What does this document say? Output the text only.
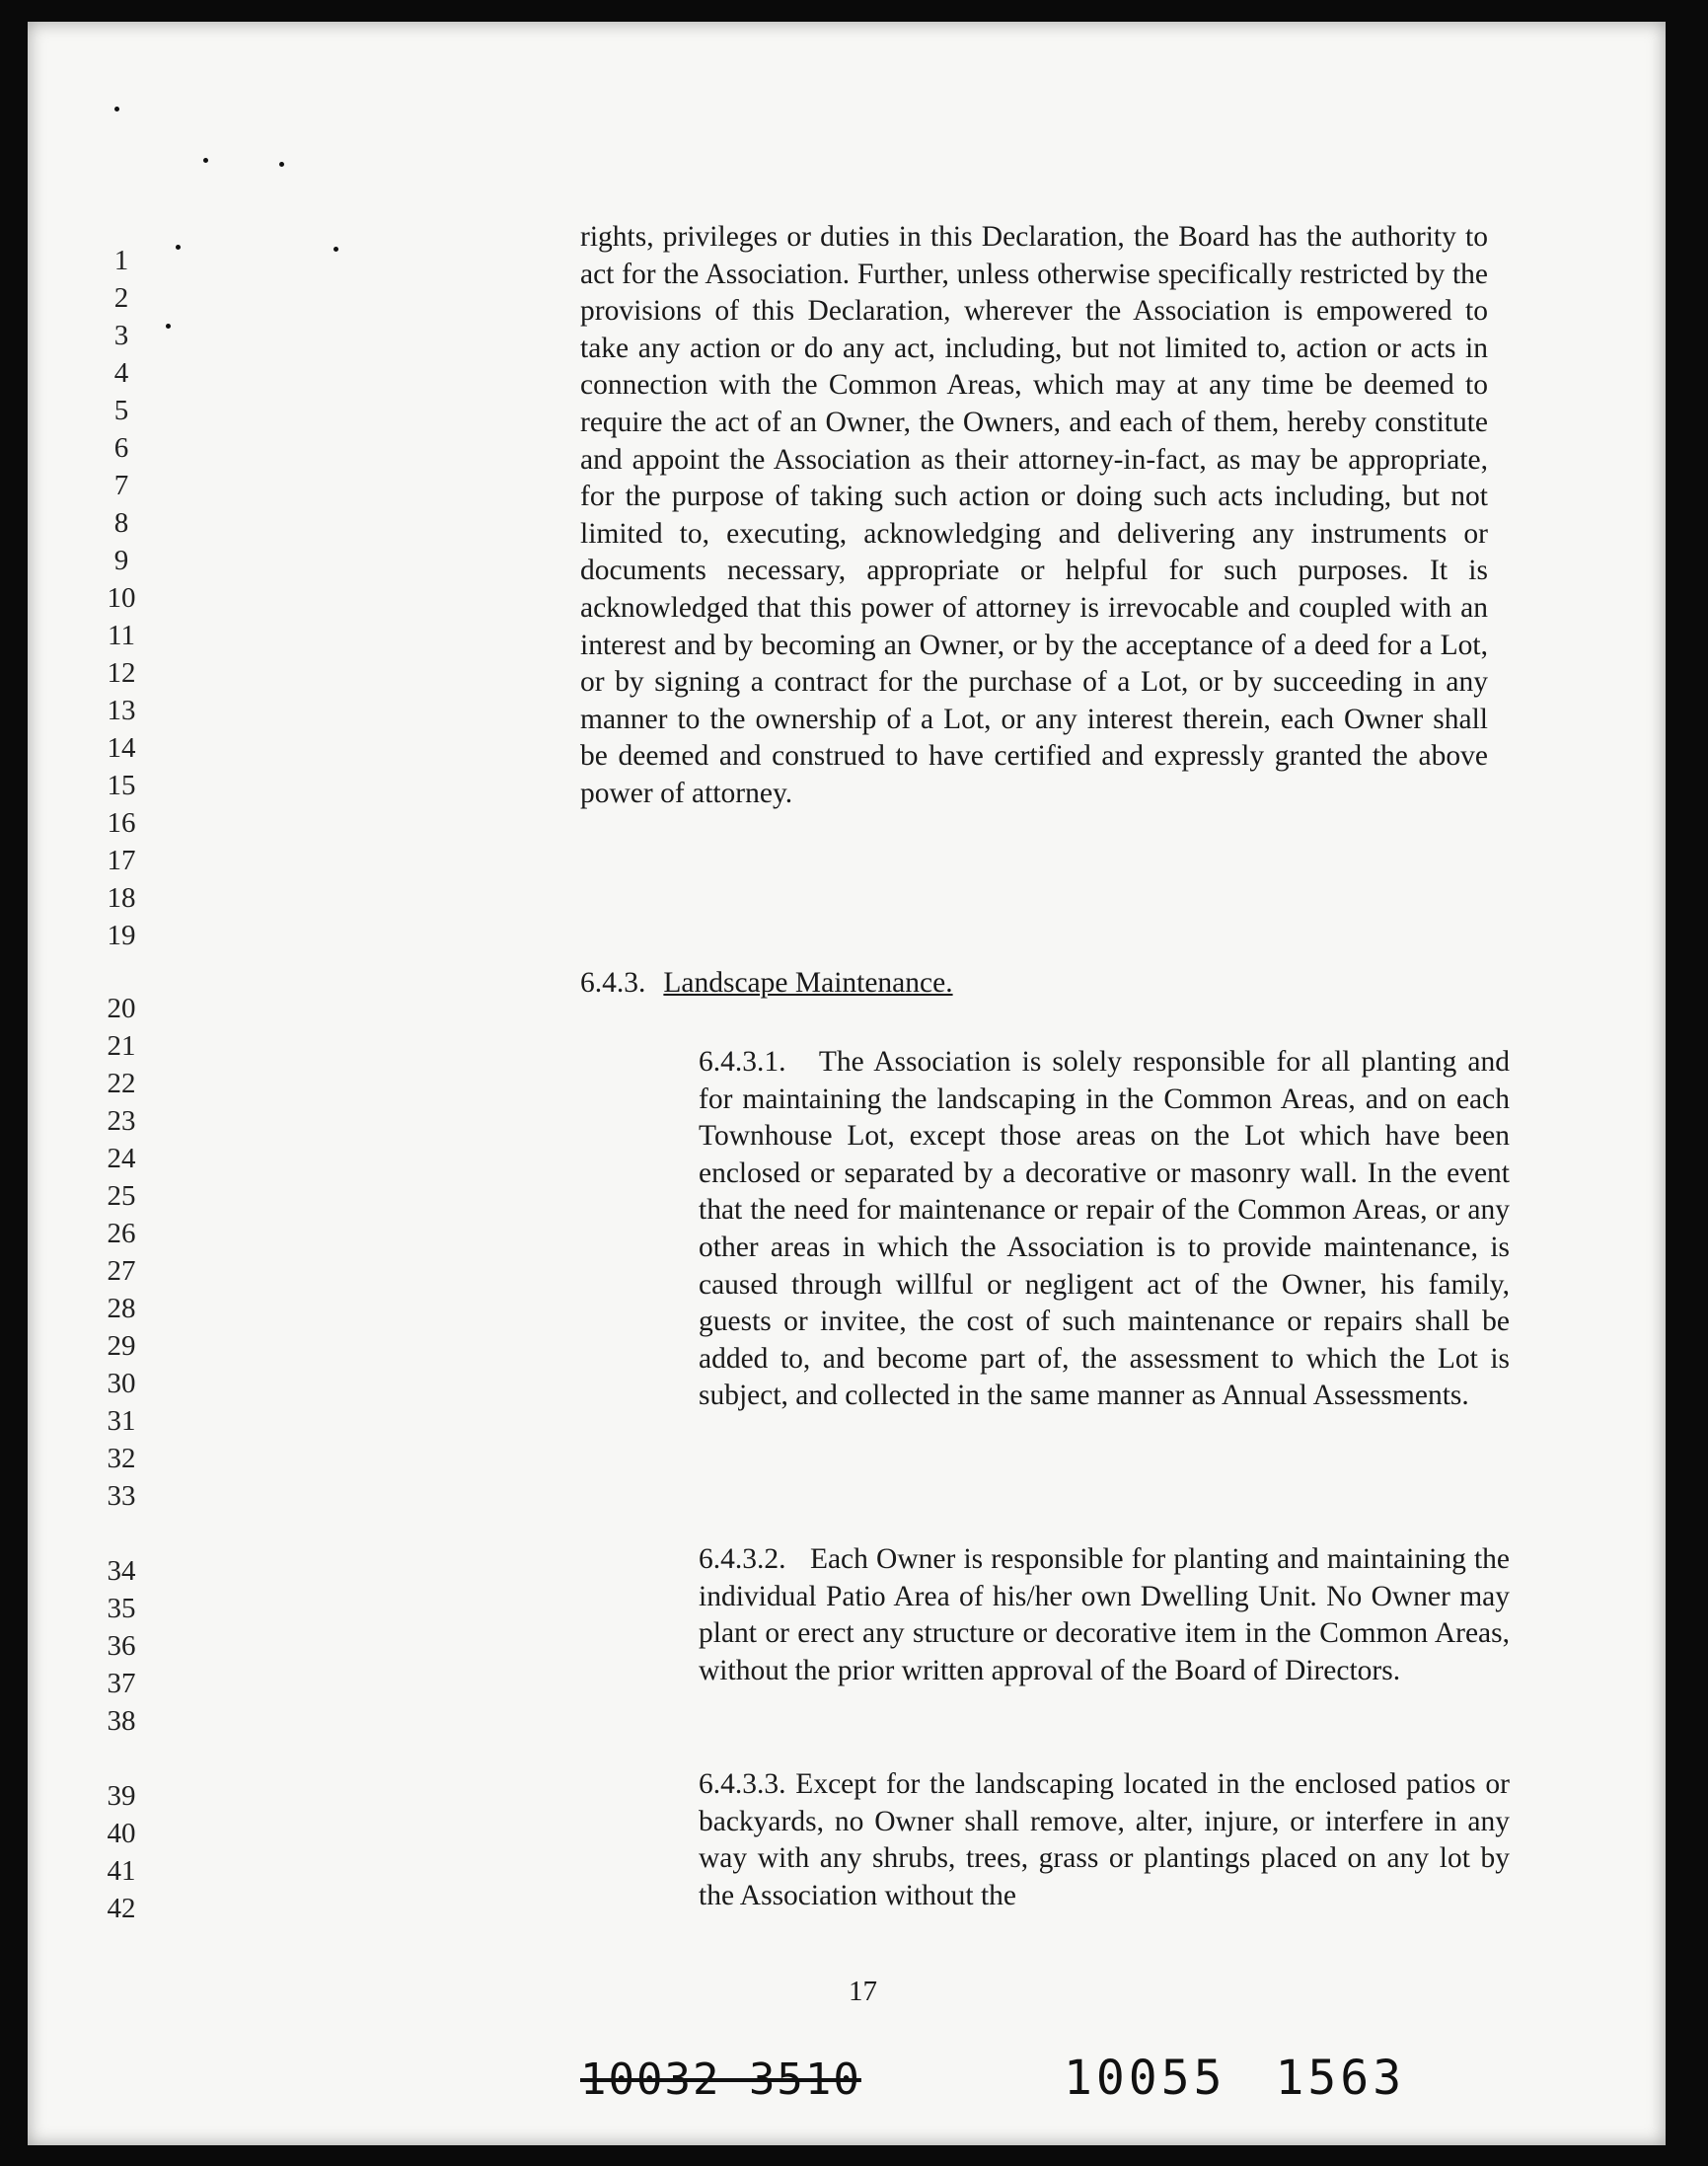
1
2
3
4
5
6
7
8
9
10
11
12
13
14
15
16
17
18
19
20
21
22
23
24
25
26
27
28
29
30
31
32
33
34
35
36
37
38
39
40
41
42

rights, privileges or duties in this Declaration, the Board has the authority to act for the Association. Further, unless otherwise specifically restricted by the provisions of this Declaration, wherever the Association is empowered to take any action or do any act, including, but not limited to, action or acts in connection with the Common Areas, which may at any time be deemed to require the act of an Owner, the Owners, and each of them, hereby constitute and appoint the Association as their attorney-in-fact, as may be appropriate, for the purpose of taking such action or doing such acts including, but not limited to, executing, acknowledging and delivering any instruments or documents necessary, appropriate or helpful for such purposes. It is acknowledged that this power of attorney is irrevocable and coupled with an interest and by becoming an Owner, or by the acceptance of a deed for a Lot, or by signing a contract for the purchase of a Lot, or by succeeding in any manner to the ownership of a Lot, or any interest therein, each Owner shall be deemed and construed to have certified and expressly granted the above power of attorney.

6.4.3. Landscape Maintenance.

6.4.3.1. The Association is solely responsible for all planting and for maintaining the landscaping in the Common Areas, and on each Townhouse Lot, except those areas on the Lot which have been enclosed or separated by a decorative or masonry wall. In the event that the need for maintenance or repair of the Common Areas, or any other areas in which the Association is to provide maintenance, is caused through willful or negligent act of the Owner, his family, guests or invitee, the cost of such maintenance or repairs shall be added to, and become part of, the assessment to which the Lot is subject, and collected in the same manner as Annual Assessments.

6.4.3.2. Each Owner is responsible for planting and maintaining the individual Patio Area of his/her own Dwelling Unit. No Owner may plant or erect any structure or decorative item in the Common Areas, without the prior written approval of the Board of Directors.

6.4.3.3. Except for the landscaping located in the enclosed patios or backyards, no Owner shall remove, alter, injure, or interfere in any way with any shrubs, trees, grass or plantings placed on any lot by the Association without the

17
10032 3510	10055 1563
